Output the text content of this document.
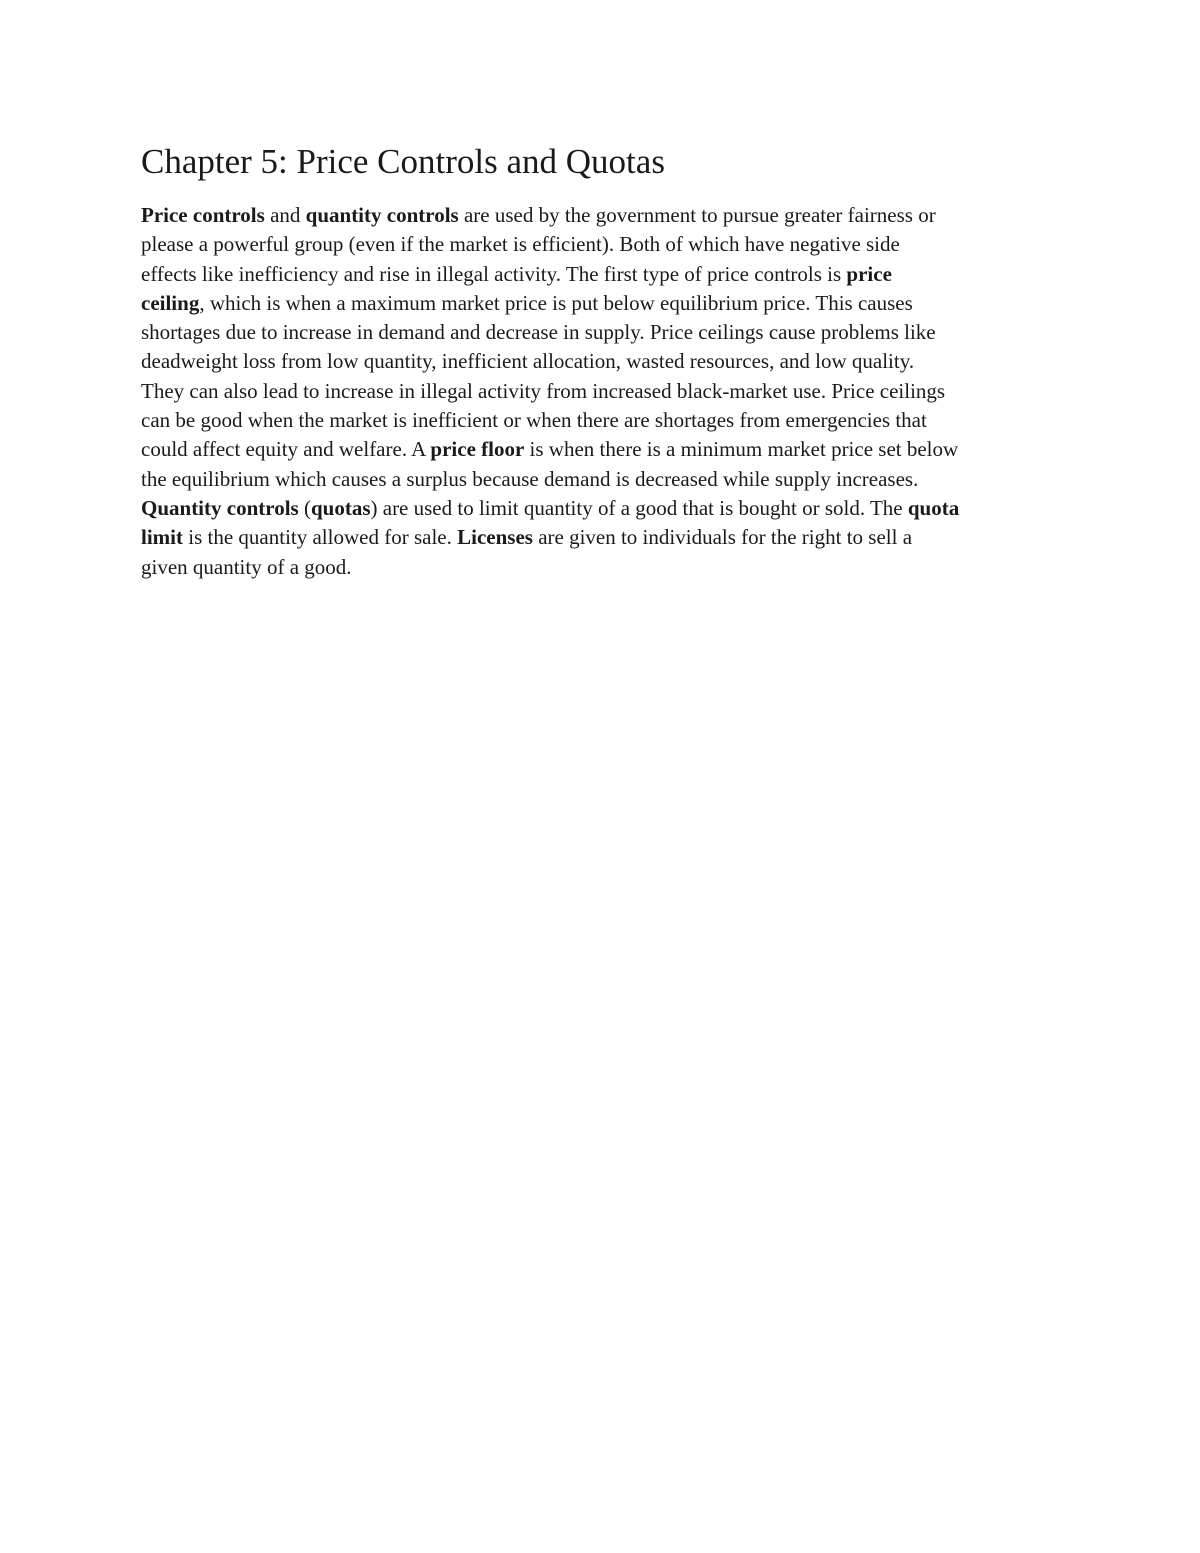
Chapter 5: Price Controls and Quotas

Price controls and quantity controls are used by the government to pursue greater fairness or
please a powerful group (even if the market is efficient). Both of which have negative side
effects like inefficiency and rise in illegal activity. The first type of price controls is price
ceiling, which is when a maximum market price is put below equilibrium price. This causes
shortages due to increase in demand and decrease in supply. Price ceilings cause problems like
deadweight loss from low quantity, inefficient allocation, wasted resources, and low quality.
They can also lead to increase in illegal activity from increased black-market use. Price ceilings
can be good when the market is inefficient or when there are shortages from emergencies that
could affect equity and welfare. A price floor is when there is a minimum market price set below
the equilibrium which causes a surplus because demand is decreased while supply increases.
Quantity controls (quotas) are used to limit quantity of a good that is bought or sold. The quota
limit is the quantity allowed for sale. Licenses are given to individuals for the right to sell a
given quantity of a good.
